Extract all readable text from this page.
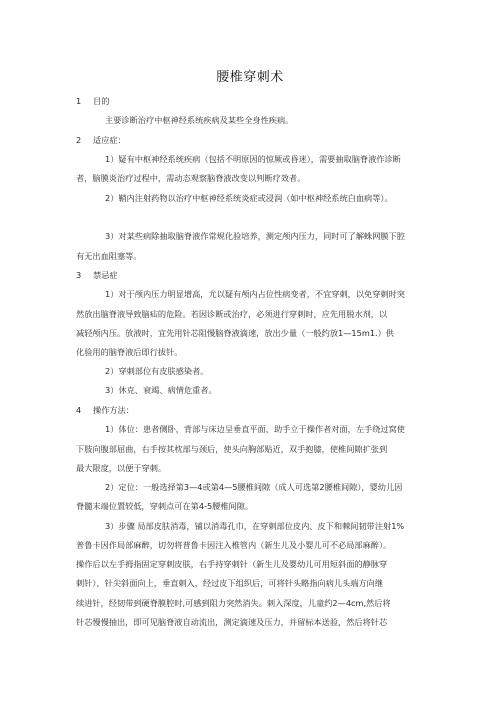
腰椎穿刺术
1 目的
主要诊断治疗中枢神经系统疾病及某些全身性疾病。
2 适应症：
1）疑有中枢神经系统疾病（包括不明原因的惊厥或昏迷），需要抽取脑脊液作诊断
者，脑膜炎治疗过程中，需动态观察脑脊液改变以判断疗效者。
2）鞘内注射药物以治疗中枢神经系统炎症或浸润（如中枢神经系统白血病等）。
3）对某些病除抽取脑脊液作常规化验培养，测定颅内压力，同时可了解蛛网膜下腔
有无出血阻塞等。
3 禁忌症
1）对于颅内压力明显增高，尤以疑有颅内占位性病变者，不宜穿刺，以免穿刺时突
然放出脑脊液导致脑疝的危险。若因诊断或治疗，必须进行穿刺时，应先用脱水剂，以
减轻颅内压。放液时，宜先用针芯阻慢脑脊液滴速，放出少量（一般约放1—15m1.）供
化验用的脑脊液后即行拔针。
2）穿刺部位有皮肤感染者。
3）休克、衰竭、病情危重者。
4 操作方法：
1）体位：患者侧卧，背部与床边呈垂直平面，助手立于操作者对面，左手绕过窝使
下肢向腹部屈曲，右手按其枕部与颈后，使头向胸部贴近，双手抱膝，使椎间隙扩张到
最大限度，以便于穿刺。
2）定位：一般选择第3—4或第4—5腰椎间隙（成人可选第2腰椎间隙），婴幼儿因
脊髓末端位置较低，穿刺点可在第4-5腰椎间隙。
3）步骤 局部皮肤消毒，铺以消毒孔巾，在穿刺部位皮内、皮下和棘间韧带注射1%
普鲁卡因作局部麻醉，切勿将普鲁卡因注入椎管内（新生儿及小婴儿可不必局部麻醉）。
操作后以左手拇指固定穿刺皮肤，右手持穿刺针（新生儿及婴幼儿可用短斜面的静脉穿
刺针），针尖斜面向上，垂直刺入，经过皮下组织后，可将针头略指向病儿头端方向继
续进针，经韧带到硬脊膜腔时,可感到阻力突然消失。刺入深度，儿童约2—4cm,然后将
针芯慢慢抽出，即可见脑脊液自动流出，测定滴速及压力，并留标本送验，然后将针芯
